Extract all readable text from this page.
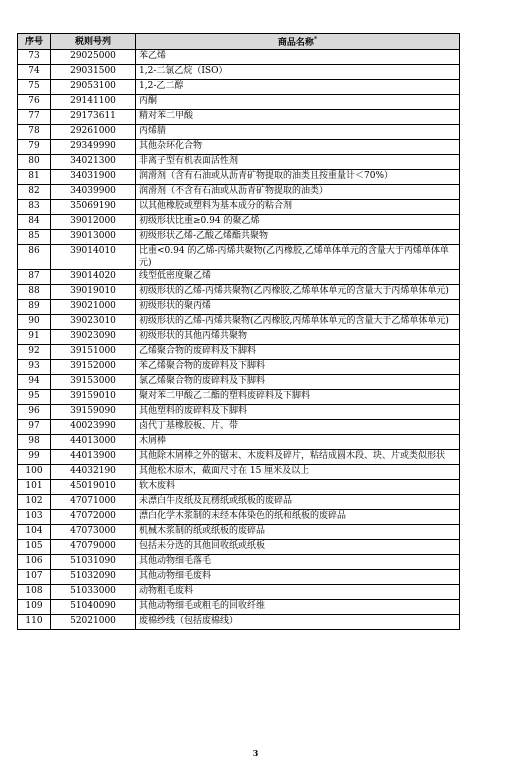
序号	税则号列	商品名称*
73	29025000	苯乙烯
74	29031500	1,2-二氯乙烷（ISO）
75	29053100	1,2-乙二醇
76	29141100	丙酮
77	29173611	精对苯二甲酸
78	29261000	丙烯腈
79	29349990	其他杂环化合物
80	34021300	非离子型有机表面活性剂
81	34031900	润滑剂（含有石油或从沥青矿物提取的油类且按重量计＜70%）
82	34039900	润滑剂（不含有石油或从沥青矿物提取的油类）
83	35069190	以其他橡胶或塑料为基本成分的粘合剂
84	39012000	初级形状比重≥0.94 的聚乙烯
85	39013000	初级形状乙烯-乙酸乙烯酯共聚物
86	39014010	比重<0.94 的乙烯-丙烯共聚物(乙丙橡胶,乙烯单体单元的含量大于丙烯单体单元)
87	39014020	线型低密度聚乙烯
88	39019010	初级形状的乙烯-丙烯共聚物(乙丙橡胶,乙烯单体单元的含量大于丙烯单体单元)
89	39021000	初级形状的聚丙烯
90	39023010	初级形状的乙烯-丙烯共聚物(乙丙橡胶,丙烯单体单元的含量大于乙烯单体单元)
91	39023090	初级形状的其他丙烯共聚物
92	39151000	乙烯聚合物的废碎料及下脚料
93	39152000	苯乙烯聚合物的废碎料及下脚料
94	39153000	氯乙烯聚合物的废碎料及下脚料
95	39159010	聚对苯二甲酸乙二酯的塑料废碎料及下脚料
96	39159090	其他塑料的废碎料及下脚料
97	40023990	卤代丁基橡胶板、片、带
98	44013000	木屑棒
99	44013900	其他除木屑棒之外的锯末、木废料及碎片，粘结成圆木段、块、片或类似形状
100	44032190	其他松木原木，截面尺寸在 15 厘米及以上
101	45019010	软木废料
102	47071000	未漂白牛皮纸及瓦楞纸或纸板的废碎品
103	47072000	漂白化学木浆制的未经本体染色的纸和纸板的废碎品
104	47073000	机械木浆制的纸或纸板的废碎品
105	47079000	包括未分选的其他回收纸或纸板
106	51031090	其他动物细毛落毛
107	51032090	其他动物细毛废料
108	51033000	动物粗毛废料
109	51040090	其他动物细毛或粗毛的回收纤维
110	52021000	废棉纱线（包括废棉线）
3
